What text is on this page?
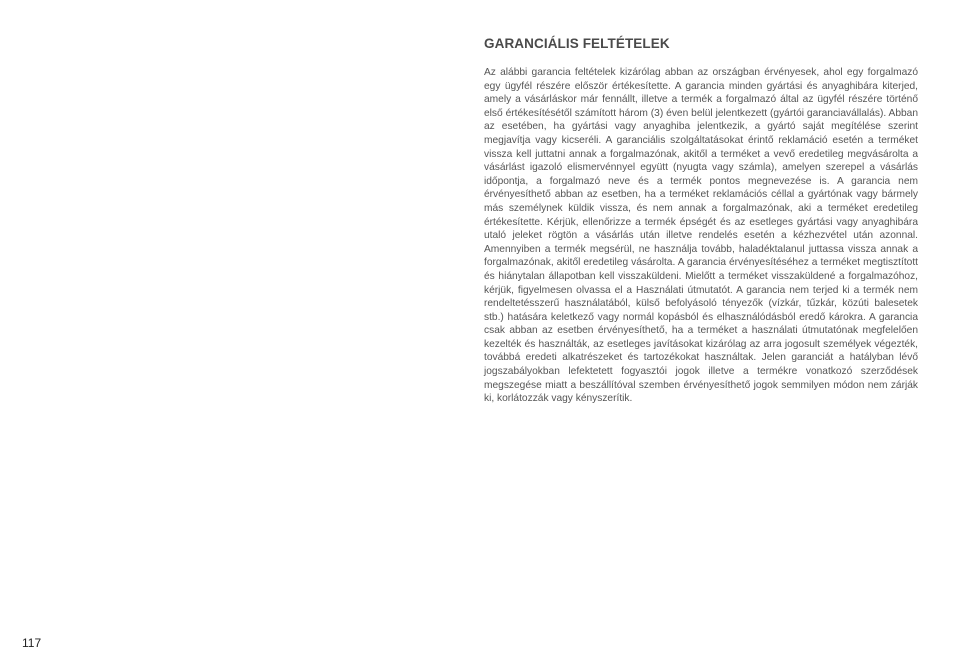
GARANCIÁLIS FELTÉTELEK

Az alábbi garancia feltételek kizárólag abban az országban érvényesek, ahol egy forgalmazó egy ügyfél részére először értékesítette. A garancia minden gyártási és anyaghibára kiterjed, amely a vásárláskor már fennállt, illetve a termék a forgalmazó által az ügyfél részére történő első értékesítésétől számított három (3) éven belül jelentkezett (gyártói garanciavállalás). Abban az esetében, ha gyártási vagy anyaghiba jelentkezik, a gyártó saját megítélése szerint megjavítja vagy kicseréli. A garanciális szolgáltatásokat érintő reklamáció esetén a terméket vissza kell juttatni annak a forgalmazónak, akitől a terméket a vevő eredetileg megvásárolta a vásárlást igazoló elismervénnyel együtt (nyugta vagy számla), amelyen szerepel a vásárlás időpontja, a forgalmazó neve és a termék pontos megnevezése is. A garancia nem érvényesíthető abban az esetben, ha a terméket reklamációs céllal a gyártónak vagy bármely más személynek küldik vissza, és nem annak a forgalmazónak, aki a terméket eredetileg értékesítette. Kérjük, ellenőrizze a termék épségét és az esetleges gyártási vagy anyaghibára utaló jeleket rögtön a vásárlás után illetve rendelés esetén a kézhezvétel után azonnal. Amennyiben a termék megsérül, ne használja tovább, haladéktalanul juttassa vissza annak a forgalmazónak, akitől eredetileg vásárolta. A garancia érvényesítéséhez a terméket megtisztított és hiánytalan állapotban kell visszaküldeni. Mielőtt a terméket visszaküldené a forgalmazóhoz, kérjük, figyelmesen olvassa el a Használati útmutatót. A garancia nem terjed ki a termék nem rendeltetésszerű használatából, külső befolyásoló tényezők (vízkár, tűzkár, közúti balesetek stb.) hatására keletkező vagy normál kopásból és elhasználódásból eredő károkra. A garancia csak abban az esetben érvényesíthető, ha a terméket a használati útmutatónak megfelelően kezelték és használták, az esetleges javításokat kizárólag az arra jogosult személyek végezték, továbbá eredeti alkatrészeket és tartozékokat használtak. Jelen garanciát a hatályban lévő jogszabályokban lefektetett fogyasztói jogok illetve a termékre vonatkozó szerződések megszegése miatt a beszállítóval szemben érvényesíthető jogok semmilyen módon nem zárják ki, korlátozzák vagy kényszerítik.

117
